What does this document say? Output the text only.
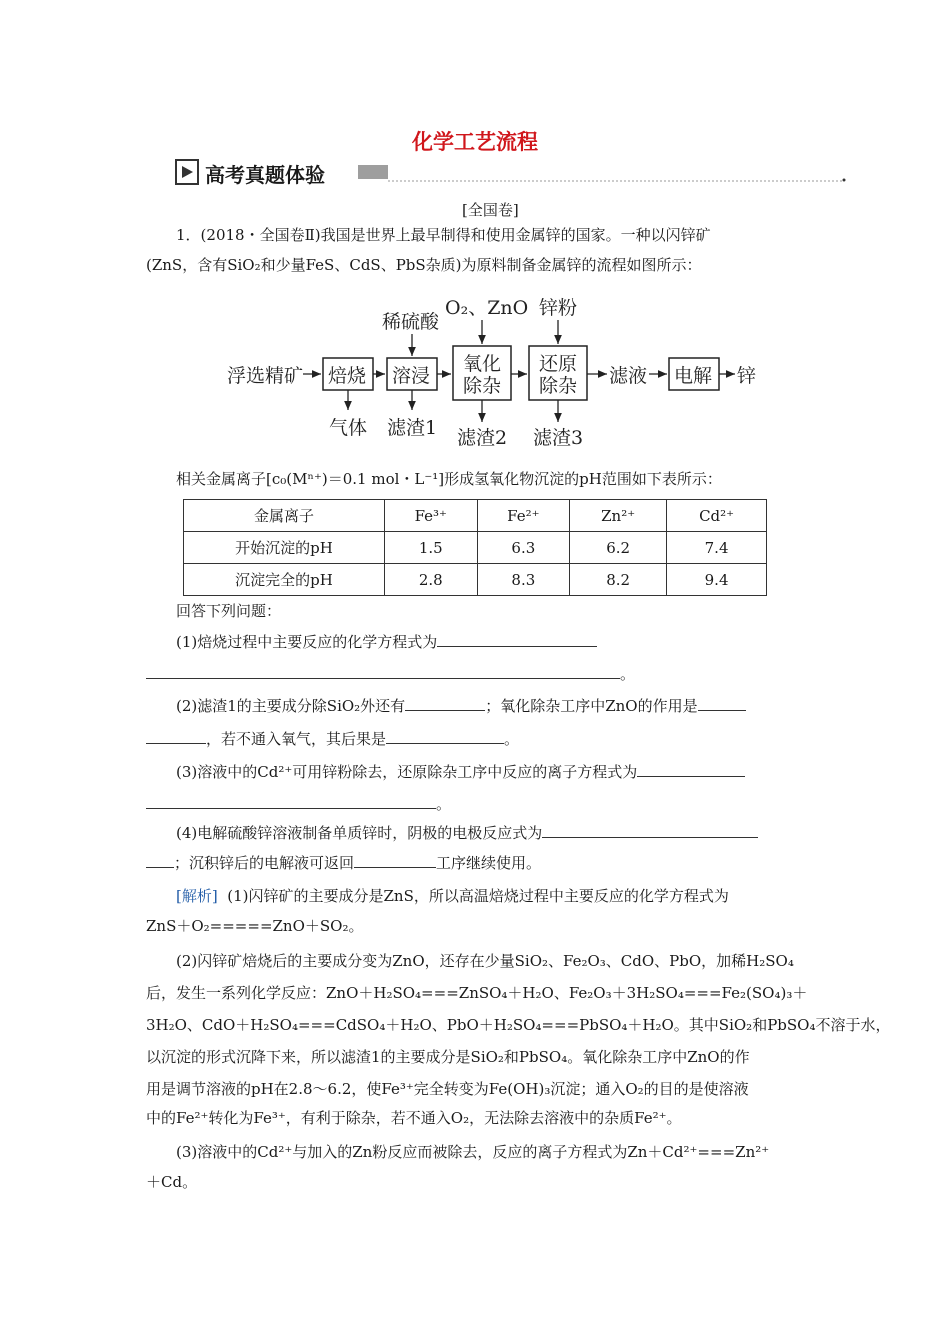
化学工艺流程
高考真题体验
[全国卷]
1．(2018・全国卷Ⅱ)我国是世界上最早制得和使用金属锌的国家。一种以闪锌矿
(ZnS，含有SiO₂和少量FeS、CdS、PbS杂质)为原料制备金属锌的流程如图所示：
浮选精矿 焙烧 溶浸
氧化
除杂
还原
除杂 滤液 电解 锌
稀硫酸
O₂、ZnO 锌粉
气体 滤渣1 滤渣2 滤渣3
相关金属离子[c₀(Mⁿ⁺)＝0.1 mol・L⁻¹]形成氢氧化物沉淀的pH范围如下表所示：
金属离子	Fe³⁺	Fe²⁺	Zn²⁺	Cd²⁺
开始沉淀的pH	1.5	6.3	6.2	7.4
沉淀完全的pH	2.8	8.3	8.2	9.4
回答下列问题：
(1)焙烧过程中主要反应的化学方程式为
。
(2)滤渣1的主要成分除SiO₂外还有	；氧化除杂工序中ZnO的作用是
，若不通入氧气，其后果是	。
(3)溶液中的Cd²⁺可用锌粉除去，还原除杂工序中反应的离子方程式为
。
(4)电解硫酸锌溶液制备单质锌时，阴极的电极反应式为
；沉积锌后的电解液可返回	工序继续使用。
[解析] (1)闪锌矿的主要成分是ZnS，所以高温焙烧过程中主要反应的化学方程式为
ZnS＋O₂=====ZnO＋SO₂。
(2)闪锌矿焙烧后的主要成分变为ZnO，还存在少量SiO₂、Fe₂O₃、CdO、PbO，加稀H₂SO₄
后，发生一系列化学反应：ZnO＋H₂SO₄===ZnSO₄＋H₂O、Fe₂O₃＋3H₂SO₄===Fe₂(SO₄)₃＋
3H₂O、CdO＋H₂SO₄===CdSO₄＋H₂O、PbO＋H₂SO₄===PbSO₄＋H₂O。其中SiO₂和PbSO₄不溶于水，
以沉淀的形式沉降下来，所以滤渣1的主要成分是SiO₂和PbSO₄。氧化除杂工序中ZnO的作
用是调节溶液的pH在2.8～6.2，使Fe³⁺完全转变为Fe(OH)₃沉淀；通入O₂的目的是使溶液
中的Fe²⁺转化为Fe³⁺，有利于除杂，若不通入O₂，无法除去溶液中的杂质Fe²⁺。
(3)溶液中的Cd²⁺与加入的Zn粉反应而被除去，反应的离子方程式为Zn＋Cd²⁺===Zn²⁺
＋Cd。
